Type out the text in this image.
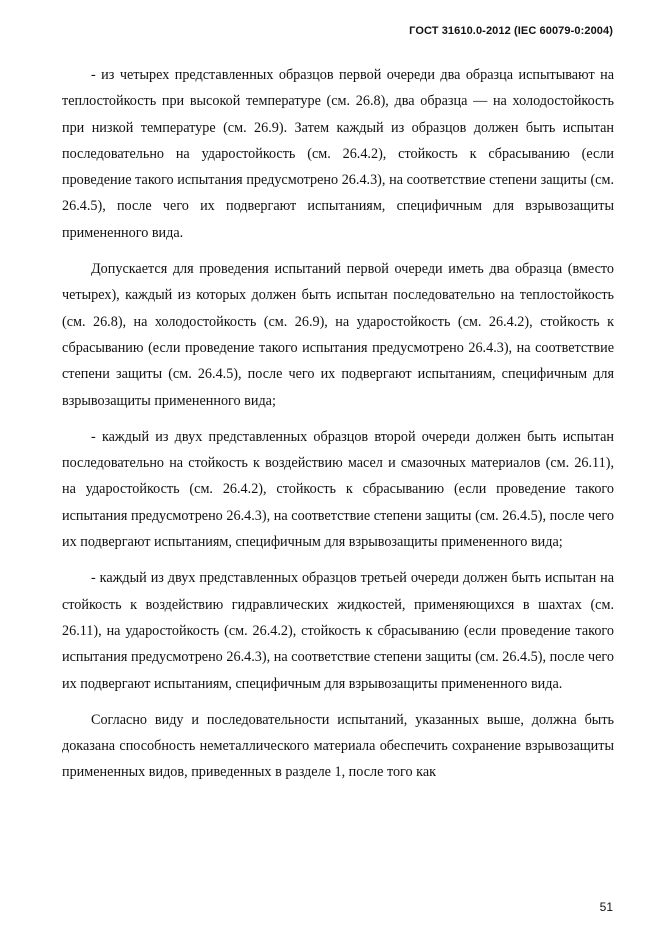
ГОСТ 31610.0-2012 (IEC 60079-0:2004)

- из четырех представленных образцов первой очереди два образца испытывают на теплостойкость при высокой температуре (см. 26.8), два образца — на холодостойкость при низкой температуре (см. 26.9). Затем каждый из образцов должен быть испытан последовательно на ударостойкость (см. 26.4.2), стойкость к сбрасыванию (если проведение такого испытания предусмотрено 26.4.3), на соответствие степени защиты (см. 26.4.5), после чего их подвергают испытаниям, специфичным для взрывозащиты примененного вида.

Допускается для проведения испытаний первой очереди иметь два образца (вместо четырех), каждый из которых должен быть испытан последовательно на теплостойкость (см. 26.8), на холодостойкость (см. 26.9), на ударостойкость (см. 26.4.2), стойкость к сбрасыванию (если проведение такого испытания предусмотрено 26.4.3), на соответствие степени защиты (см. 26.4.5), после чего их подвергают испытаниям, специфичным для взрывозащиты примененного вида;

- каждый из двух представленных образцов второй очереди должен быть испытан последовательно на стойкость к воздействию масел и смазочных материалов (см. 26.11), на ударостойкость (см. 26.4.2), стойкость к сбрасыванию (если проведение такого испытания предусмотрено 26.4.3), на соответствие степени защиты (см. 26.4.5), после чего их подвергают испытаниям, специфичным для взрывозащиты примененного вида;

- каждый из двух представленных образцов третьей очереди должен быть испытан на стойкость к воздействию гидравлических жидкостей, применяющихся в шахтах (см. 26.11), на ударостойкость (см. 26.4.2), стойкость к сбрасыванию (если проведение такого испытания предусмотрено 26.4.3), на соответствие степени защиты (см. 26.4.5), после чего их подвергают испытаниям, специфичным для взрывозащиты примененного вида.

Согласно виду и последовательности испытаний, указанных выше, должна быть доказана способность неметаллического материала обеспечить сохранение взрывозащиты примененных видов, приведенных в разделе 1, после того как

51
